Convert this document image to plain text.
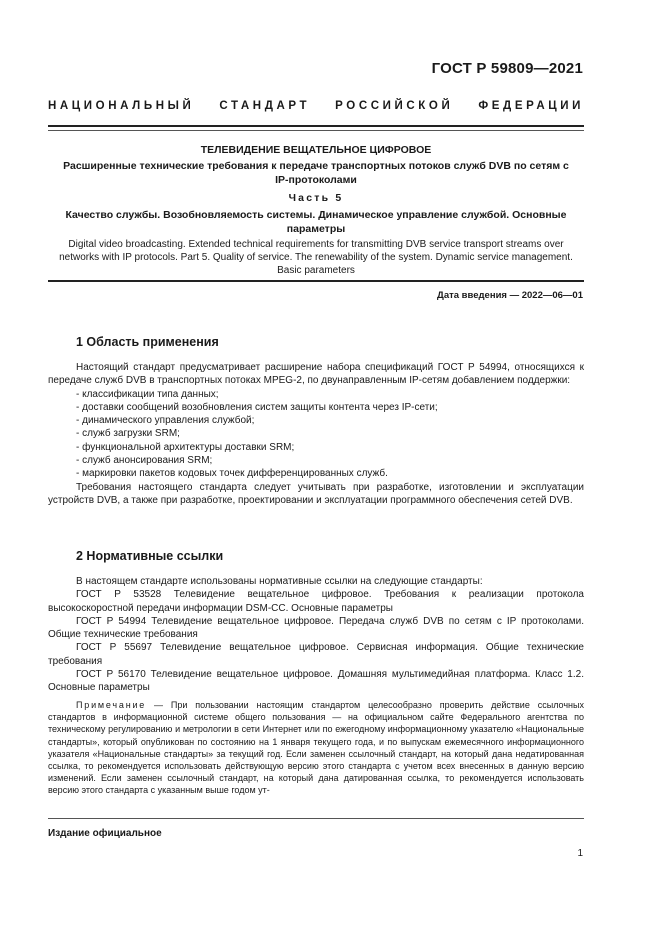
ГОСТ Р 59809—2021
НАЦИОНАЛЬНЫЙ СТАНДАРТ РОССИЙСКОЙ ФЕДЕРАЦИИ
ТЕЛЕВИДЕНИЕ ВЕЩАТЕЛЬНОЕ ЦИФРОВОЕ
Расширенные технические требования к передаче транспортных потоков служб DVB по сетям с IP-протоколами
Часть 5
Качество службы. Возобновляемость системы. Динамическое управление службой. Основные параметры
Digital video broadcasting. Extended technical requirements for transmitting DVB service transport streams over networks with IP protocols. Part 5. Quality of service. The renewability of the system. Dynamic service management. Basic parameters
Дата введения — 2022—06—01
1 Область применения

Настоящий стандарт предусматривает расширение набора спецификаций ГОСТ Р 54994, относящихся к передаче служб DVB в транспортных потоках MPEG-2, по двунаправленным IP-сетям добавлением поддержки:

- классификации типа данных;

- доставки сообщений возобновления систем защиты контента через IP-сети;

- динамического управления службой;

- служб загрузки SRM;

- функциональной архитектуры доставки SRM;

- служб анонсирования SRM;

- маркировки пакетов кодовых точек дифференцированных служб.

Требования настоящего стандарта следует учитывать при разработке, изготовлении и эксплуатации устройств DVB, а также при разработке, проектировании и эксплуатации программного обеспечения сетей DVB.

2 Нормативные ссылки

В настоящем стандарте использованы нормативные ссылки на следующие стандарты:

ГОСТ Р 53528 Телевидение вещательное цифровое. Требования к реализации протокола высокоскоростной передачи информации DSM-CC. Основные параметры

ГОСТ Р 54994 Телевидение вещательное цифровое. Передача служб DVB по сетям с IP протоколами. Общие технические требования

ГОСТ Р 55697 Телевидение вещательное цифровое. Сервисная информация. Общие технические требования

ГОСТ Р 56170 Телевидение вещательное цифровое. Домашняя мультимедийная платформа. Класс 1.2. Основные параметры

Примечание — При пользовании настоящим стандартом целесообразно проверить действие ссылочных стандартов в информационной системе общего пользования — на официальном сайте Федерального агентства по техническому регулированию и метрологии в сети Интернет или по ежегодному информационному указателю «Национальные стандарты», который опубликован по состоянию на 1 января текущего года, и по выпускам ежемесячного информационного указателя «Национальные стандарты» за текущий год. Если заменен ссылочный стандарт, на который дана недатированная ссылка, то рекомендуется использовать действующую версию этого стандарта с учетом всех внесенных в данную версию изменений. Если заменен ссылочный стандарт, на который дана датированная ссылка, то рекомендуется использовать версию этого стандарта с указанным выше годом ут-

Издание официальное
1
